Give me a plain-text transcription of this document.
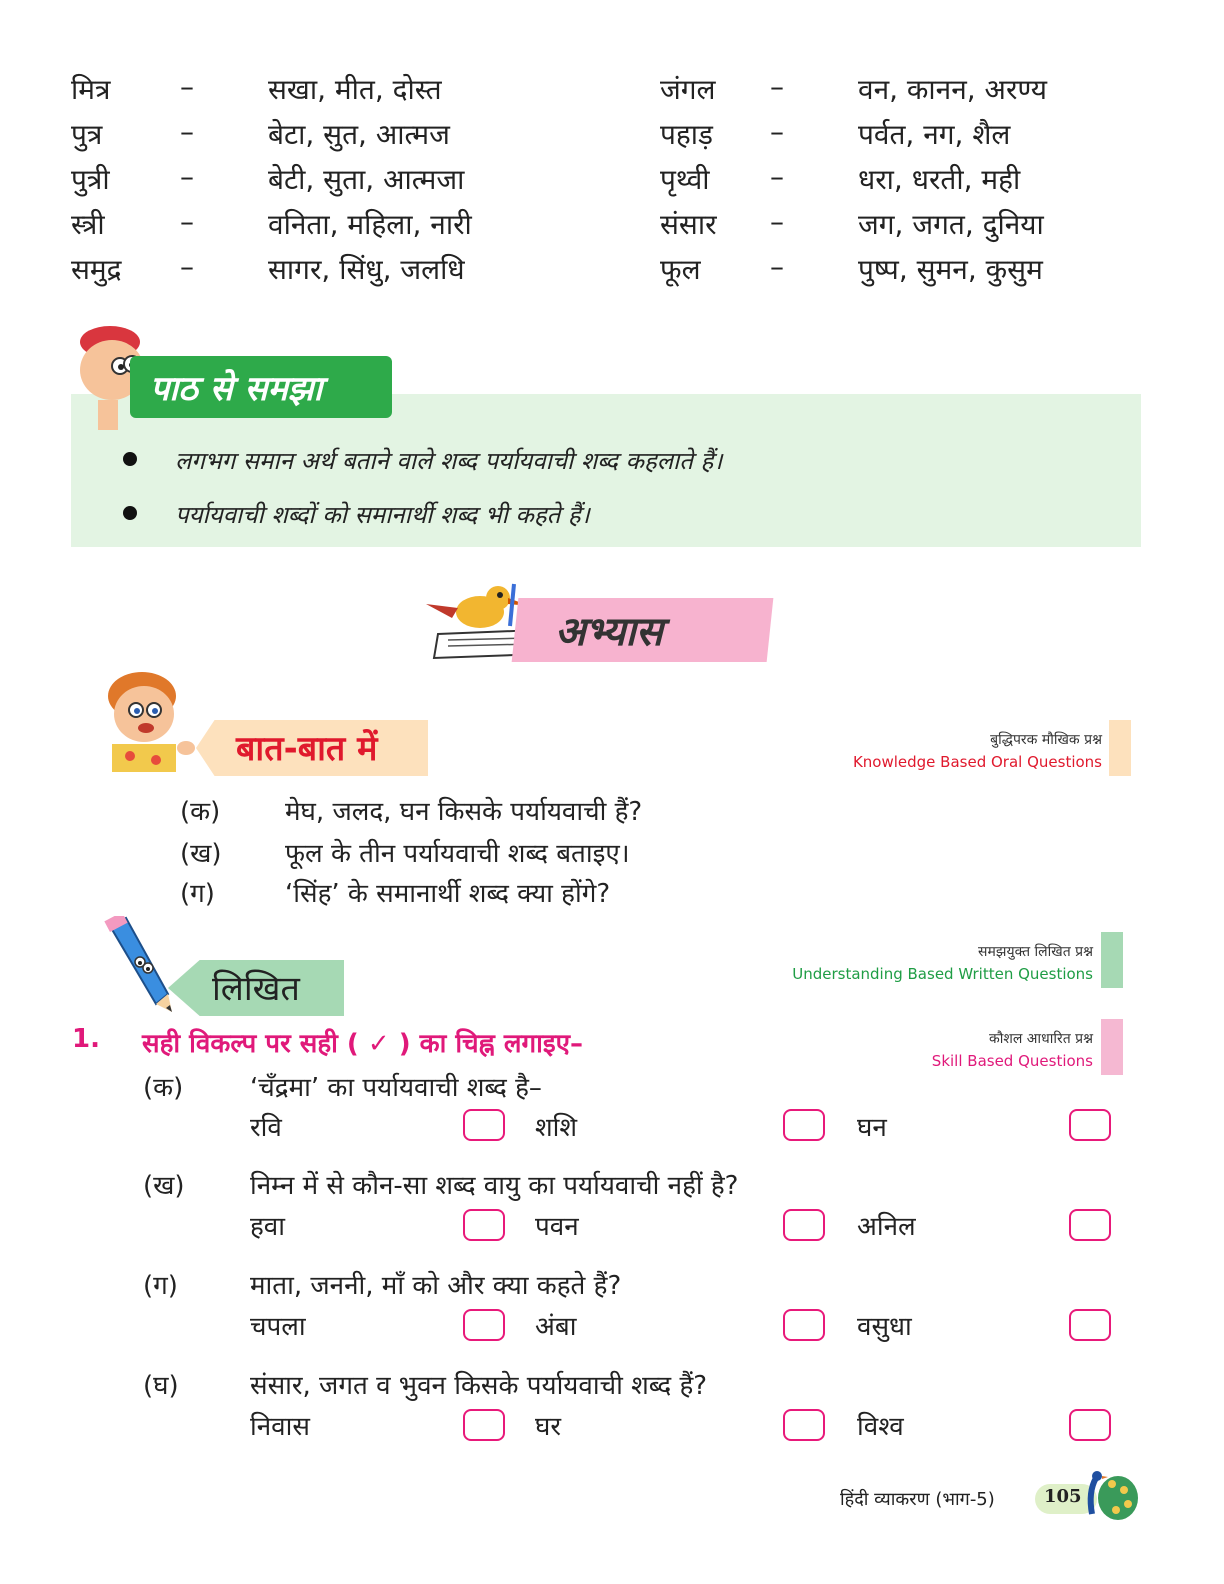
मित्र –	सखा, मीत, दोस्त
पुत्र	–	बेटा, सुत, आत्मज
पुत्री	–	बेटी, सुता, आत्मजा
स्त्री	–	वनिता, महिला, नारी
समुद्र –	सागर, सिंधु, जलधि
जंगल –	वन, कानन, अरण्य
पहाड़ –	पर्वत, नग, शैल
पृथ्वी –	धरा, धरती, मही
संसार –	जग, जगत, दुनिया
फूल –	पुष्प, सुमन, कुसुम
पाठ से समझा
लगभग समान अर्थ बताने वाले शब्द पर्यायवाची शब्द कहलाते हैं।
पर्यायवाची शब्दों को समानार्थी शब्द भी कहते हैं।
अभ्यास
बात-बात में	बुद्धिपरक मौखिक प्रश्न
Knowledge Based Oral Questions
(क) मेघ, जलद, घन किसके पर्यायवाची हैं?
(ख) फूल के तीन पर्यायवाची शब्द बताइए।
(ग)	‘सिंह’ के समानार्थी शब्द क्या होंगे?
लिखित
समझयुक्त लिखित प्रश्न
Understanding Based Written Questions
कौशल आधारित प्रश्न
Skill Based Questions
1. सही विकल्प पर सही ( ✓ ) का चिह्न लगाइए–
(क)	‘चँद्रमा’ का पर्यायवाची शब्द है–
रवि	शशि	घन
(ख)	निम्न में से कौन-सा शब्द वायु का पर्यायवाची नहीं है?
हवा	पवन	अनिल
(ग)	माता, जननी, माँ को और क्या कहते हैं?
चपला	अंबा	वसुधा
(घ)	संसार, जगत व भुवन किसके पर्यायवाची शब्द हैं?
निवास	घर	विश्व
हिंदी व्याकरण (भाग-5)	105
